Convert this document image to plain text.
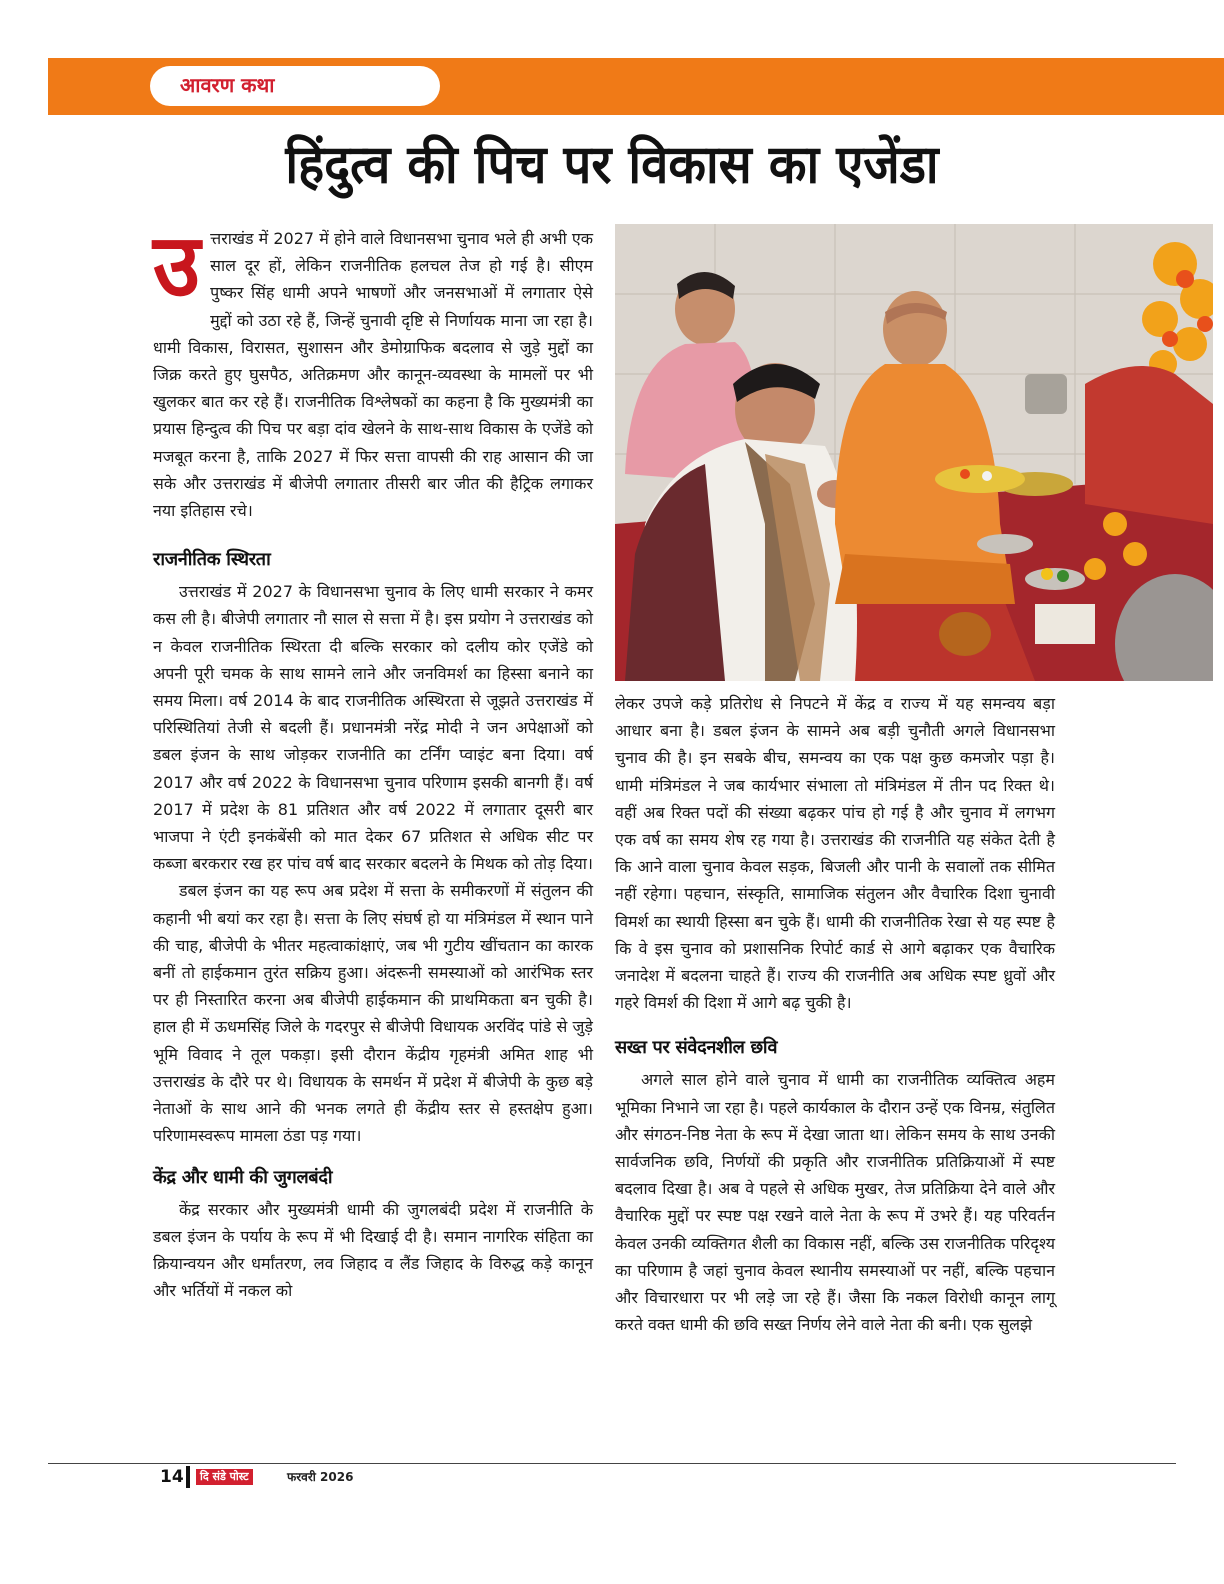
आवरण कथा
हिंदुत्व की पिच पर विकास का एजेंडा

उत्तराखंड में 2027 में होने वाले विधानसभा चुनाव भले ही अभी एक साल दूर हों, लेकिन राजनीतिक हलचल तेज हो गई है। सीएम पुष्कर सिंह धामी अपने भाषणों और जनसभाओं में लगातार ऐसे मुद्दों को उठा रहे हैं, जिन्हें चुनावी दृष्टि से निर्णायक माना जा रहा है। धामी विकास, विरासत, सुशासन और डेमोग्राफिक बदलाव से जुड़े मुद्दों का जिक्र करते हुए घुसपैठ, अतिक्रमण और कानून-व्यवस्था के मामलों पर भी खुलकर बात कर रहे हैं। राजनीतिक विश्लेषकों का कहना है कि मुख्यमंत्री का प्रयास हिन्दुत्व की पिच पर बड़ा दांव खेलने के साथ-साथ विकास के एजेंडे को मजबूत करना है, ताकि 2027 में फिर सत्ता वापसी की राह आसान की जा सके और उत्तराखंड में बीजेपी लगातार तीसरी बार जीत की हैट्रिक लगाकर नया इतिहास रचे।

राजनीतिक स्थिरता

उत्तराखंड में 2027 के विधानसभा चुनाव के लिए धामी सरकार ने कमर कस ली है। बीजेपी लगातार नौ साल से सत्ता में है। इस प्रयोग ने उत्तराखंड को न केवल राजनीतिक स्थिरता दी बल्कि सरकार को दलीय कोर एजेंडे को अपनी पूरी चमक के साथ सामने लाने और जनविमर्श का हिस्सा बनाने का समय मिला। वर्ष 2014 के बाद राजनीतिक अस्थिरता से जूझते उत्तराखंड में परिस्थितियां तेजी से बदली हैं। प्रधानमंत्री नरेंद्र मोदी ने जन अपेक्षाओं को डबल इंजन के साथ जोड़कर राजनीति का टर्निंग प्वाइंट बना दिया। वर्ष 2017 और वर्ष 2022 के विधानसभा चुनाव परिणाम इसकी बानगी हैं। वर्ष 2017 में प्रदेश के 81 प्रतिशत और वर्ष 2022 में लगातार दूसरी बार भाजपा ने एंटी इनकंबेंसी को मात देकर 67 प्रतिशत से अधिक सीट पर कब्जा बरकरार रख हर पांच वर्ष बाद सरकार बदलने के मिथक को तोड़ दिया।

डबल इंजन का यह रूप अब प्रदेश में सत्ता के समीकरणों में संतुलन की कहानी भी बयां कर रहा है। सत्ता के लिए संघर्ष हो या मंत्रिमंडल में स्थान पाने की चाह, बीजेपी के भीतर महत्वाकांक्षाएं, जब भी गुटीय खींचतान का कारक बनीं तो हाईकमान तुरंत सक्रिय हुआ। अंदरूनी समस्याओं को आरंभिक स्तर पर ही निस्तारित करना अब बीजेपी हाईकमान की प्राथमिकता बन चुकी है। हाल ही में ऊधमसिंह जिले के गदरपुर से बीजेपी विधायक अरविंद पांडे से जुड़े भूमि विवाद ने तूल पकड़ा। इसी दौरान केंद्रीय गृहमंत्री अमित शाह भी उत्तराखंड के दौरे पर थे। विधायक के समर्थन में प्रदेश में बीजेपी के कुछ बड़े नेताओं के साथ आने की भनक लगते ही केंद्रीय स्तर से हस्तक्षेप हुआ। परिणामस्वरूप मामला ठंडा पड़ गया।

केंद्र और धामी की जुगलबंदी

केंद्र सरकार और मुख्यमंत्री धामी की जुगलबंदी प्रदेश में राजनीति के डबल इंजन के पर्याय के रूप में भी दिखाई दी है। समान नागरिक संहिता का क्रियान्वयन और धर्मांतरण, लव जिहाद व लैंड जिहाद के विरुद्ध कड़े कानून और भर्तियों में नकल को

लेकर उपजे कड़े प्रतिरोध से निपटने में केंद्र व राज्य में यह समन्वय बड़ा आधार बना है। डबल इंजन के सामने अब बड़ी चुनौती अगले विधानसभा चुनाव की है। इन सबके बीच, समन्वय का एक पक्ष कुछ कमजोर पड़ा है। धामी मंत्रिमंडल ने जब कार्यभार संभाला तो मंत्रिमंडल में तीन पद रिक्त थे। वहीं अब रिक्त पदों की संख्या बढ़कर पांच हो गई है और चुनाव में लगभग एक वर्ष का समय शेष रह गया है। उत्तराखंड की राजनीति यह संकेत देती है कि आने वाला चुनाव केवल सड़क, बिजली और पानी के सवालों तक सीमित नहीं रहेगा। पहचान, संस्कृति, सामाजिक संतुलन और वैचारिक दिशा चुनावी विमर्श का स्थायी हिस्सा बन चुके हैं। धामी की राजनीतिक रेखा से यह स्पष्ट है कि वे इस चुनाव को प्रशासनिक रिपोर्ट कार्ड से आगे बढ़ाकर एक वैचारिक जनादेश में बदलना चाहते हैं। राज्य की राजनीति अब अधिक स्पष्ट ध्रुवों और गहरे विमर्श की दिशा में आगे बढ़ चुकी है।

सख्त पर संवेदनशील छवि

अगले साल होने वाले चुनाव में धामी का राजनीतिक व्यक्तित्व अहम भूमिका निभाने जा रहा है। पहले कार्यकाल के दौरान उन्हें एक विनम्र, संतुलित और संगठन-निष्ठ नेता के रूप में देखा जाता था। लेकिन समय के साथ उनकी सार्वजनिक छवि, निर्णयों की प्रकृति और राजनीतिक प्रतिक्रियाओं में स्पष्ट बदलाव दिखा है। अब वे पहले से अधिक मुखर, तेज प्रतिक्रिया देने वाले और वैचारिक मुद्दों पर स्पष्ट पक्ष रखने वाले नेता के रूप में उभरे हैं। यह परिवर्तन केवल उनकी व्यक्तिगत शैली का विकास नहीं, बल्कि उस राजनीतिक परिदृश्य का परिणाम है जहां चुनाव केवल स्थानीय समस्याओं पर नहीं, बल्कि पहचान और विचारधारा पर भी लड़े जा रहे हैं। जैसा कि नकल विरोधी कानून लागू करते वक्त धामी की छवि सख्त निर्णय लेने वाले नेता की बनी। एक सुलझे

14	दि संडे पोस्ट	फरवरी 2026
